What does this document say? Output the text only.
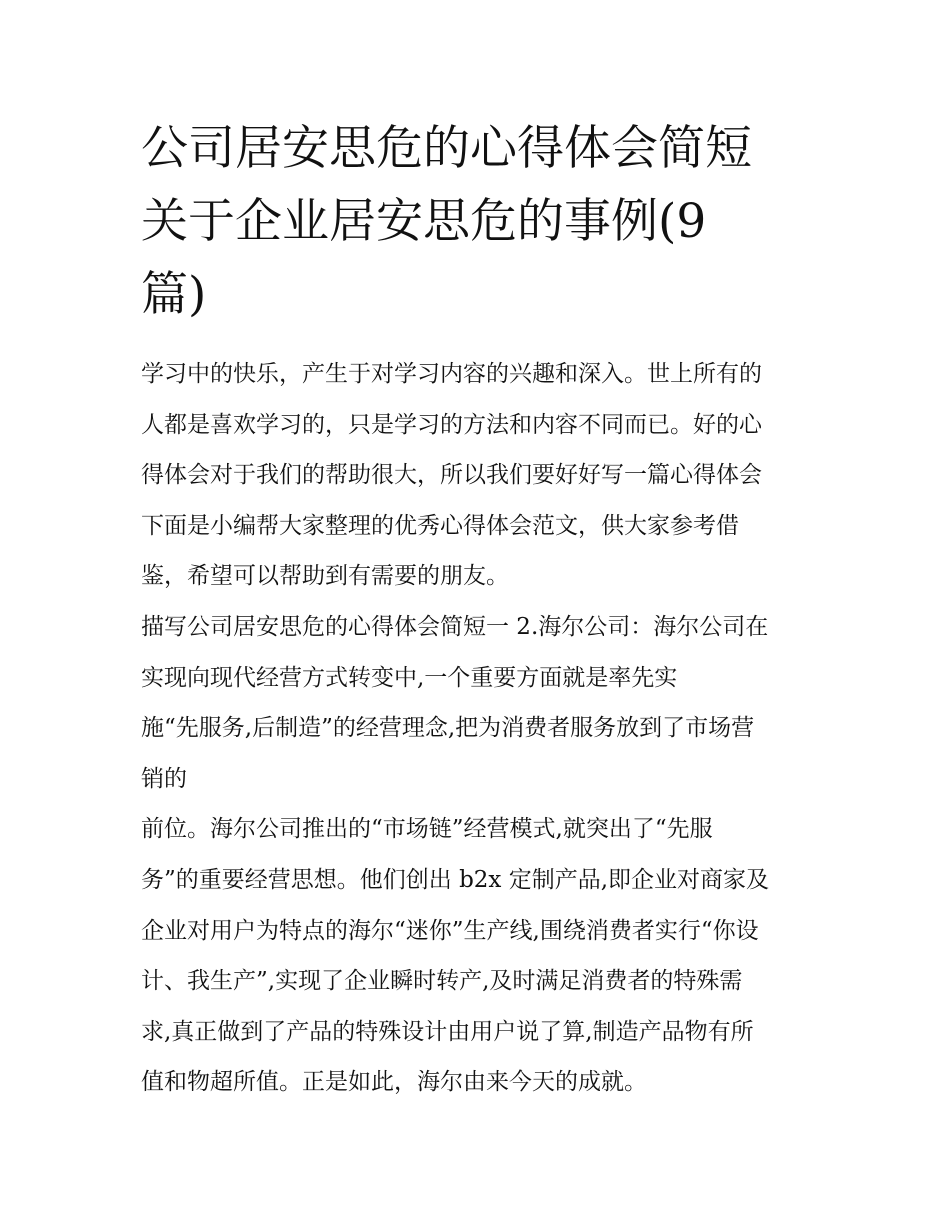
公司居安思危的心得体会简短
关于企业居安思危的事例(9
篇)
学习中的快乐，产生于对学习内容的兴趣和深入。世上所有的
人都是喜欢学习的，只是学习的方法和内容不同而已。好的心
得体会对于我们的帮助很大，所以我们要好好写一篇心得体会
下面是小编帮大家整理的优秀心得体会范文，供大家参考借
鉴，希望可以帮助到有需要的朋友。
描写公司居安思危的心得体会简短一 2.海尔公司：海尔公司在
实现向现代经营方式转变中,一个重要方面就是率先实
施“先服务,后制造”的经营理念,把为消费者服务放到了市场营
销的
前位。海尔公司推出的“市场链”经营模式,就突出了“先服
务”的重要经营思想。他们创出 b2x 定制产品,即企业对商家及
企业对用户为特点的海尔“迷你”生产线,围绕消费者实行“你设
计、我生产”,实现了企业瞬时转产,及时满足消费者的特殊需
求,真正做到了产品的特殊设计由用户说了算,制造产品物有所
值和物超所值。正是如此，海尔由来今天的成就。
